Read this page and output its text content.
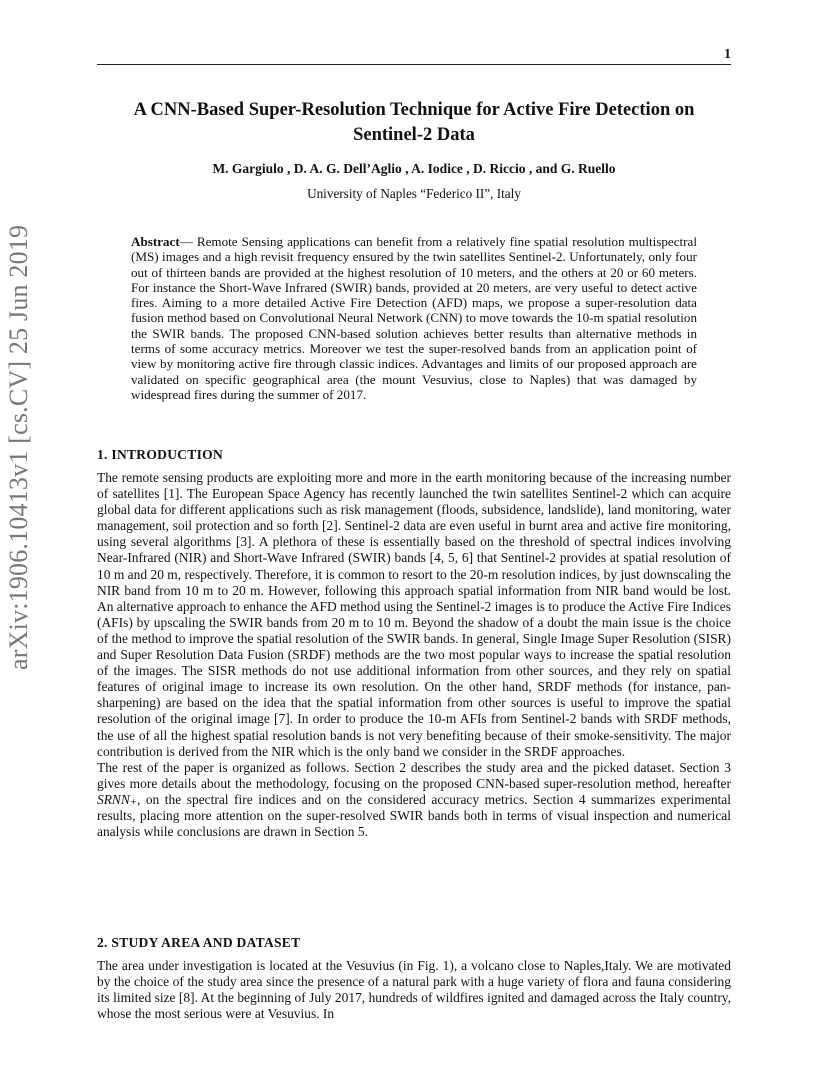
1
arXiv:1906.10413v1 [cs.CV] 25 Jun 2019
A CNN-Based Super-Resolution Technique for Active Fire Detection on Sentinel-2 Data
M. Gargiulo , D. A. G. Dell’Aglio , A. Iodice , D. Riccio , and G. Ruello
University of Naples “Federico II”, Italy
Abstract— Remote Sensing applications can benefit from a relatively fine spatial resolution multispectral (MS) images and a high revisit frequency ensured by the twin satellites Sentinel-2. Unfortunately, only four out of thirteen bands are provided at the highest resolution of 10 meters, and the others at 20 or 60 meters. For instance the Short-Wave Infrared (SWIR) bands, provided at 20 meters, are very useful to detect active fires. Aiming to a more detailed Active Fire Detection (AFD) maps, we propose a super-resolution data fusion method based on Convolutional Neural Network (CNN) to move towards the 10-m spatial resolution the SWIR bands. The proposed CNN-based solution achieves better results than alternative methods in terms of some accuracy metrics. Moreover we test the super-resolved bands from an application point of view by monitoring active fire through classic indices. Advantages and limits of our proposed approach are validated on specific geographical area (the mount Vesuvius, close to Naples) that was damaged by widespread fires during the summer of 2017.
1. INTRODUCTION

The remote sensing products are exploiting more and more in the earth monitoring because of the increasing number of satellites [1]. The European Space Agency has recently launched the twin satellites Sentinel-2 which can acquire global data for different applications such as risk management (floods, subsidence, landslide), land monitoring, water management, soil protection and so forth [2]. Sentinel-2 data are even useful in burnt area and active fire monitoring, using several algorithms [3]. A plethora of these is essentially based on the threshold of spectral indices involving Near-Infrared (NIR) and Short-Wave Infrared (SWIR) bands [4, 5, 6] that Sentinel-2 provides at spatial resolution of 10 m and 20 m, respectively. Therefore, it is common to resort to the 20-m resolution indices, by just downscaling the NIR band from 10 m to 20 m. However, following this approach spatial information from NIR band would be lost. An alternative approach to enhance the AFD method using the Sentinel-2 images is to produce the Active Fire Indices (AFIs) by upscaling the SWIR bands from 20 m to 10 m. Beyond the shadow of a doubt the main issue is the choice of the method to improve the spatial resolution of the SWIR bands. In general, Single Image Super Resolution (SISR) and Super Resolution Data Fusion (SRDF) methods are the two most popular ways to increase the spatial resolution of the images. The SISR methods do not use additional information from other sources, and they rely on spatial features of original image to increase its own resolution. On the other hand, SRDF methods (for instance, pan-sharpening) are based on the idea that the spatial information from other sources is useful to improve the spatial resolution of the original image [7]. In order to produce the 10-m AFIs from Sentinel-2 bands with SRDF methods, the use of all the highest spatial resolution bands is not very benefiting because of their smoke-sensitivity. The major contribution is derived from the NIR which is the only band we consider in the SRDF approaches.

The rest of the paper is organized as follows. Section 2 describes the study area and the picked dataset. Section 3 gives more details about the methodology, focusing on the proposed CNN-based super-resolution method, hereafter SRNN₊, on the spectral fire indices and on the considered accuracy metrics. Section 4 summarizes experimental results, placing more attention on the super-resolved SWIR bands both in terms of visual inspection and numerical analysis while conclusions are drawn in Section 5.

2. STUDY AREA AND DATASET

The area under investigation is located at the Vesuvius (in Fig. 1), a volcano close to Naples,Italy. We are motivated by the choice of the study area since the presence of a natural park with a huge variety of flora and fauna considering its limited size [8]. At the beginning of July 2017, hundreds of wildfires ignited and damaged across the Italy country, whose the most serious were at Vesuvius. In
